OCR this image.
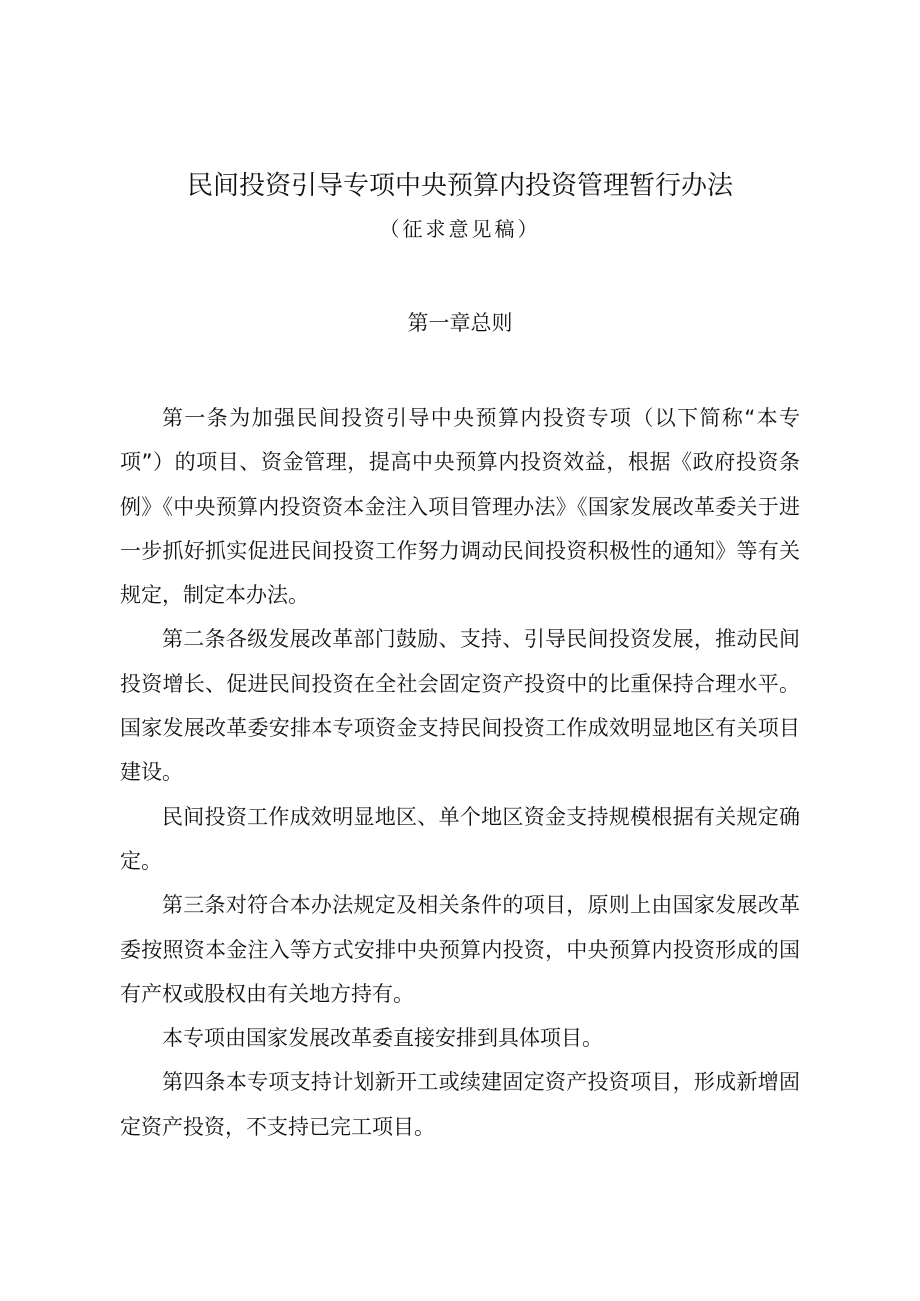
民间投资引导专项中央预算内投资管理暂行办法
（征求意见稿）
第一章总则

第一条为加强民间投资引导中央预算内投资专项（以下简称“本专项”）的项目、资金管理，提高中央预算内投资效益，根据《政府投资条例》《中央预算内投资资本金注入项目管理办法》《国家发展改革委关于进一步抓好抓实促进民间投资工作努力调动民间投资积极性的通知》等有关规定，制定本办法。

第二条各级发展改革部门鼓励、支持、引导民间投资发展，推动民间投资增长、促进民间投资在全社会固定资产投资中的比重保持合理水平。国家发展改革委安排本专项资金支持民间投资工作成效明显地区有关项目建设。

民间投资工作成效明显地区、单个地区资金支持规模根据有关规定确定。

第三条对符合本办法规定及相关条件的项目，原则上由国家发展改革委按照资本金注入等方式安排中央预算内投资，中央预算内投资形成的国有产权或股权由有关地方持有。

本专项由国家发展改革委直接安排到具体项目。

第四条本专项支持计划新开工或续建固定资产投资项目，形成新增固定资产投资，不支持已完工项目。
